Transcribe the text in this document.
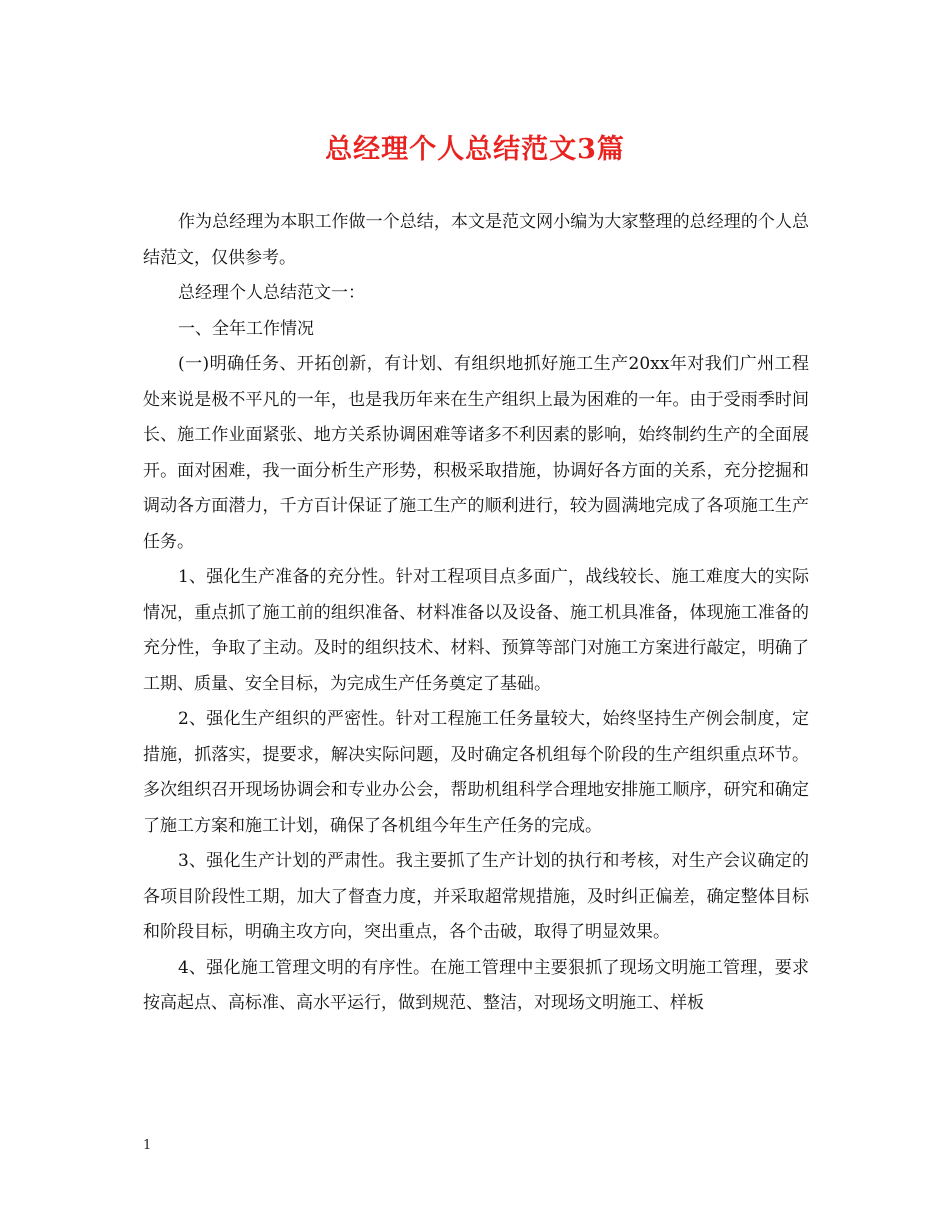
总经理个人总结范文3篇

作为总经理为本职工作做一个总结，本文是范文网小编为大家整理的总经理的个人总结范文，仅供参考。

总经理个人总结范文一：

一、全年工作情况

(一)明确任务、开拓创新，有计划、有组织地抓好施工生产20xx年对我们广州工程处来说是极不平凡的一年，也是我历年来在生产组织上最为困难的一年。由于受雨季时间长、施工作业面紧张、地方关系协调困难等诸多不利因素的影响，始终制约生产的全面展开。面对困难，我一面分析生产形势，积极采取措施，协调好各方面的关系，充分挖掘和调动各方面潜力，千方百计保证了施工生产的顺利进行，较为圆满地完成了各项施工生产任务。

1、强化生产准备的充分性。针对工程项目点多面广，战线较长、施工难度大的实际情况，重点抓了施工前的组织准备、材料准备以及设备、施工机具准备，体现施工准备的充分性，争取了主动。及时的组织技术、材料、预算等部门对施工方案进行敲定，明确了工期、质量、安全目标，为完成生产任务奠定了基础。

2、强化生产组织的严密性。针对工程施工任务量较大，始终坚持生产例会制度，定措施，抓落实，提要求，解决实际问题，及时确定各机组每个阶段的生产组织重点环节。多次组织召开现场协调会和专业办公会，帮助机组科学合理地安排施工顺序，研究和确定了施工方案和施工计划，确保了各机组今年生产任务的完成。

3、强化生产计划的严肃性。我主要抓了生产计划的执行和考核，对生产会议确定的各项目阶段性工期，加大了督查力度，并采取超常规措施，及时纠正偏差，确定整体目标和阶段目标，明确主攻方向，突出重点，各个击破，取得了明显效果。

4、强化施工管理文明的有序性。在施工管理中主要狠抓了现场文明施工管理，要求按高起点、高标准、高水平运行，做到规范、整洁，对现场文明施工、样板

1
